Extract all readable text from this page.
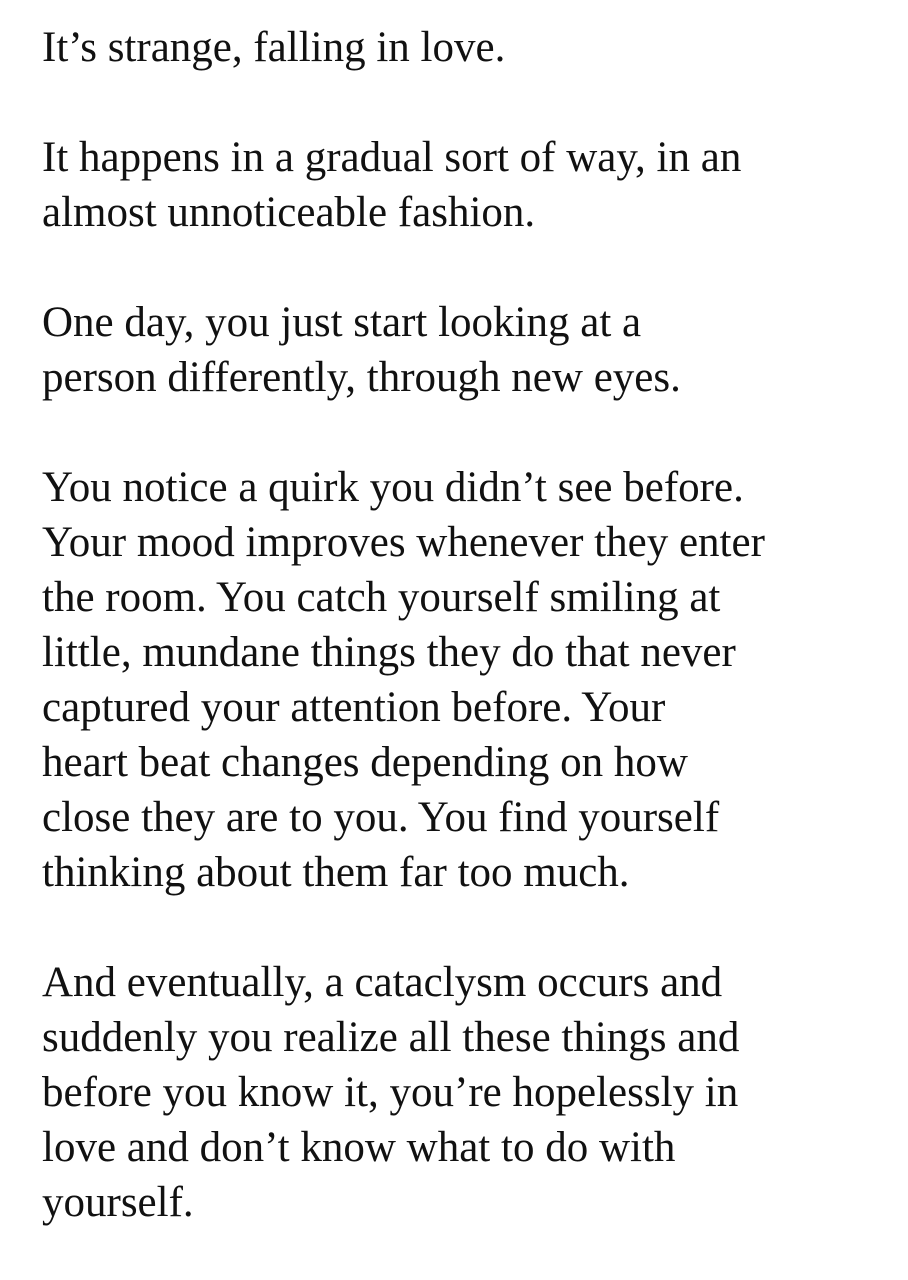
It’s strange, falling in love.
It happens in a gradual sort of way, in an
almost unnoticeable fashion.
One day, you just start looking at a
person differently, through new eyes.
You notice a quirk you didn’t see before.
Your mood improves whenever they enter
the room. You catch yourself smiling at
little, mundane things they do that never
captured your attention before. Your
heart beat changes depending on how
close they are to you. You find yourself
thinking about them far too much.
And eventually, a cataclysm occurs and
suddenly you realize all these things and
before you know it, you’re hopelessly in
love and don’t know what to do with
yourself.
